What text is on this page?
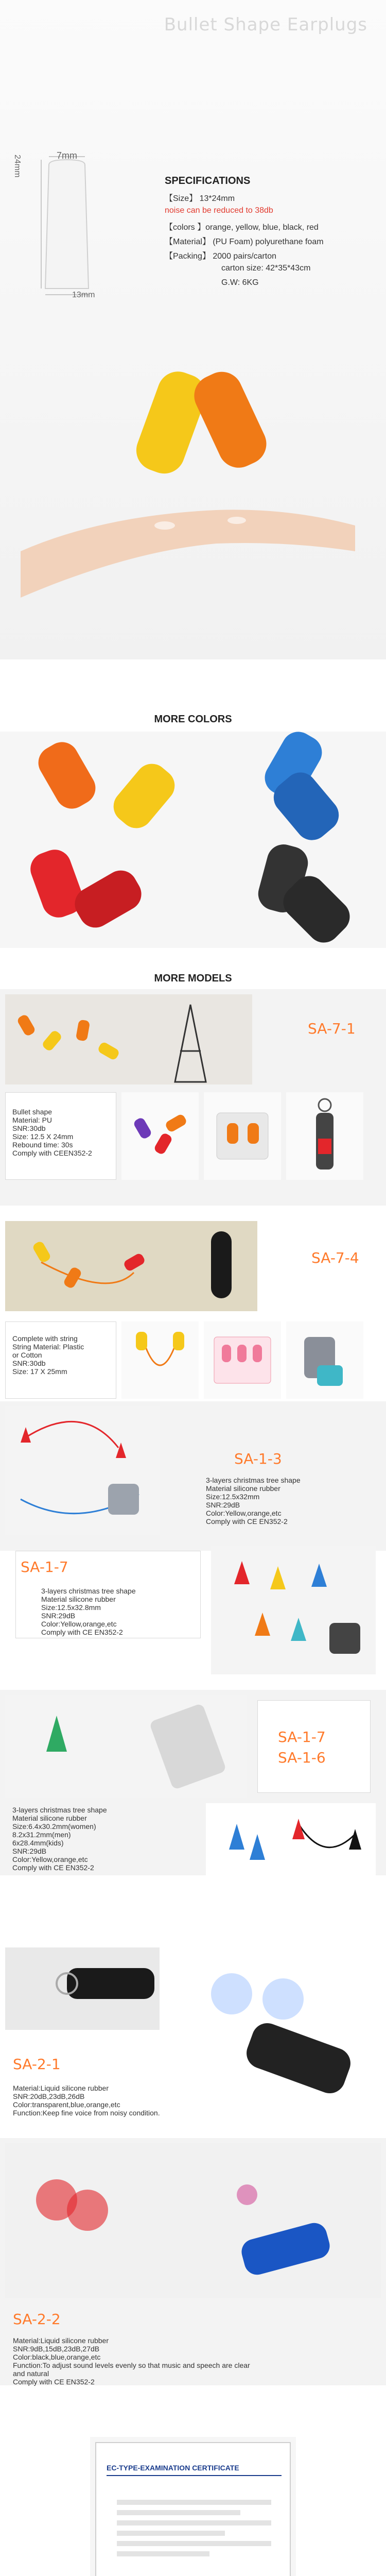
Bullet Shape Earplugs
7mm
24mm
13mm
SPECIFICATIONS
【Size】 13*24mm
noise can be reduced to 38db
【colors 】orange, yellow, blue, black, red
【Material】 (PU Foam) polyurethane foam
【Packing】 2000 pairs/carton
carton size: 42*35*43cm
G.W: 6KG
MORE COLORS
MORE MODELS
SA-7-1
Bullet shape
Material: PU
SNR:30db
Size: 12.5 X 24mm
Rebound time: 30s
Comply with CEEN352-2
SA-7-4
Complete with string
String Material: Plastic
or Cotton
SNR:30db
Size: 17 X 25mm
SA-1-3
3-layers christmas tree shape
Material silicone rubber
Size:12.5x32mm
SNR:29dB
Color:Yellow,orange,etc
Comply with CE EN352-2
SA-1-7
3-layers christmas tree shape
Material silicone rubber
Size:12.5x32.8mm
SNR:29dB
Color:Yellow,orange,etc
Comply with CE EN352-2
SA-1-7
SA-1-6
3-layers christmas tree shape
Material silicone rubber
Size:6.4x30.2mm(women)
8.2x31.2mm(men)
6x28.4mm(kids)
SNR:29dB
Color:Yellow,orange,etc
Comply with CE EN352-2
SA-2-1
Material:Liquid silicone rubber
SNR:20dB,23dB,26dB
Color:transparent,blue,orange,etc
Function:Keep fine voice from noisy condition.
SA-2-2
Material:Liquid silicone rubber
SNR:9dB,15dB,23dB,27dB
Color:black,blue,orange,etc
Function:To adjust sound levels evenly so that music and speech are clear
and natural
Comply with CE EN352-2
EC-TYPE-EXAMINATION CERTIFICATE
